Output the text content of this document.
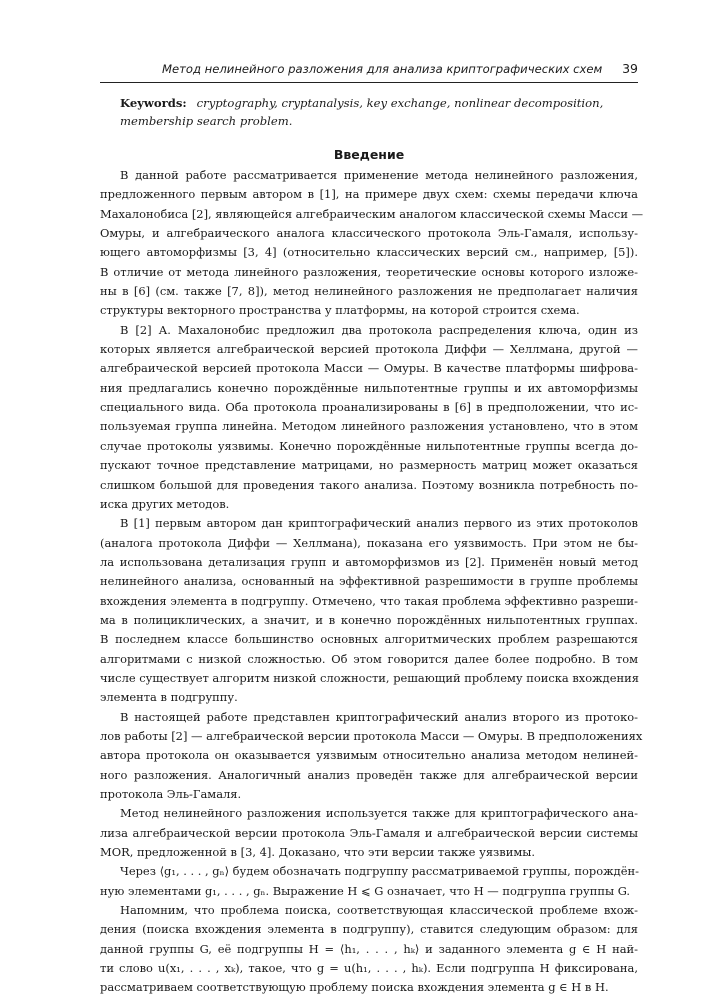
Метод нелинейного разложения для анализа криптографических схем 39
Keywords: cryptography, cryptanalysis, key exchange, nonlinear decomposition,
membership search problem.
Введение
В данной работе рассматривается применение метода нелинейного разложения,
предложенного первым автором в [1], на примере двух схем: схемы передачи ключа
Махалонобиса [2], являющейся алгебраическим аналогом классической схемы Масси —
Омуры, и алгебраического аналога классического протокола Эль-Гамаля, использу-
ющего автоморфизмы [3, 4] (относительно классических версий см., например, [5]).
В отличие от метода линейного разложения, теоретические основы которого изложе-
ны в [6] (см. также [7, 8]), метод нелинейного разложения не предполагает наличия
структуры векторного пространства у платформы, на которой строится схема.
В [2] А. Махалонобис предложил два протокола распределения ключа, один из
которых является алгебраической версией протокола Диффи — Хеллмана, другой —
алгебраической версией протокола Масси — Омуры. В качестве платформы шифрова-
ния предлагались конечно порождённые нильпотентные группы и их автоморфизмы
специального вида. Оба протокола проанализированы в [6] в предположении, что ис-
пользуемая группа линейна. Методом линейного разложения установлено, что в этом
случае протоколы уязвимы. Конечно порождённые нильпотентные группы всегда до-
пускают точное представление матрицами, но размерность матриц может оказаться
слишком большой для проведения такого анализа. Поэтому возникла потребность по-
иска других методов.
В [1] первым автором дан криптографический анализ первого из этих протоколов
(аналога протокола Диффи — Хеллмана), показана его уязвимость. При этом не бы-
ла использована детализация групп и автоморфизмов из [2]. Применён новый метод
нелинейного анализа, основанный на эффективной разрешимости в группе проблемы
вхождения элемента в подгруппу. Отмечено, что такая проблема эффективно разреши-
ма в полициклических, а значит, и в конечно порождённых нильпотентных группах.
В последнем классе большинство основных алгоритмических проблем разрешаются
алгоритмами с низкой сложностью. Об этом говорится далее более подробно. В том
числе существует алгоритм низкой сложности, решающий проблему поиска вхождения
элемента в подгруппу.
В настоящей работе представлен криптографический анализ второго из протоко-
лов работы [2] — алгебраической версии протокола Масси — Омуры. В предположениях
автора протокола он оказывается уязвимым относительно анализа методом нелиней-
ного разложения. Аналогичный анализ проведён также для алгебраической версии
протокола Эль-Гамаля.
Метод нелинейного разложения используется также для криптографического ана-
лиза алгебраической версии протокола Эль-Гамаля и алгебраической версии системы
MOR, предложенной в [3, 4]. Доказано, что эти версии также уязвимы.
Через ⟨g₁, . . . , gₙ⟩ будем обозначать подгруппу рассматриваемой группы, порождён-
ную элементами g₁, . . . , gₙ. Выражение H ⩽ G означает, что H — подгруппа группы G.
Напомним, что проблема поиска, соответствующая классической проблеме вхож-
дения (поиска вхождения элемента в подгруппу), ставится следующим образом: для
данной группы G, её подгруппы H = ⟨h₁, . . . , hₖ⟩ и заданного элемента g ∈ H най-
ти слово u(x₁, . . . , xₖ), такое, что g = u(h₁, . . . , hₖ). Если подгруппа H фиксирована,
рассматриваем соответствующую проблему поиска вхождения элемента g ∈ H в H.
